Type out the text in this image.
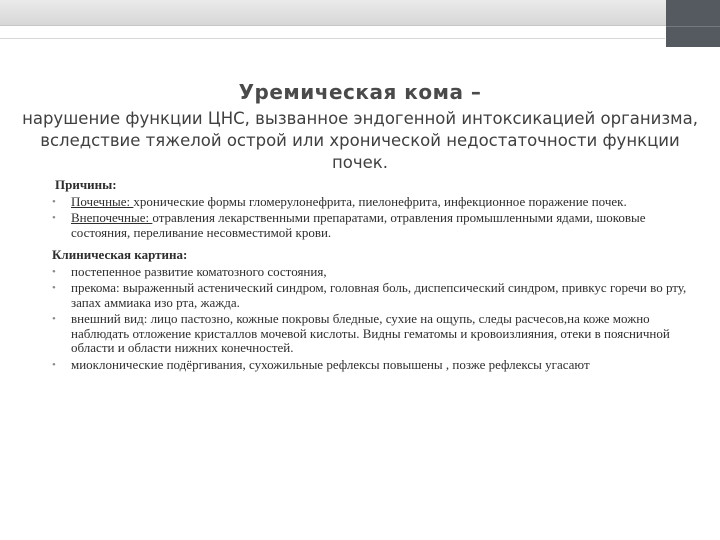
Уремическая кома –
нарушение функции ЦНС, вызванное эндогенной интоксикацией организма, вследствие тяжелой острой или хронической недостаточности функции почек.
Причины:
• Почечные: хронические формы гломерулонефрита, пиелонефрита, инфекционное поражение почек.
• Внепочечные: отравления лекарственными препаратами, отравления промышленными ядами, шоковые состояния, переливание несовместимой крови.
Клиническая картина:
• постепенное развитие коматозного состояния,
• прекома: выраженный астенический синдром, головная боль, диспепсический синдром, привкус горечи во рту, запах аммиака изо рта, жажда.
• внешний вид: лицо пастозно, кожные покровы бледные, сухие на ощупь, следы расчесов,на коже можно наблюдать отложение кристаллов мочевой кислоты. Видны гематомы и кровоизлияния, отеки в поясничной области и области нижних конечностей.
• миоклонические подёргивания, сухожильные рефлексы повышены , позже рефлексы угасают
